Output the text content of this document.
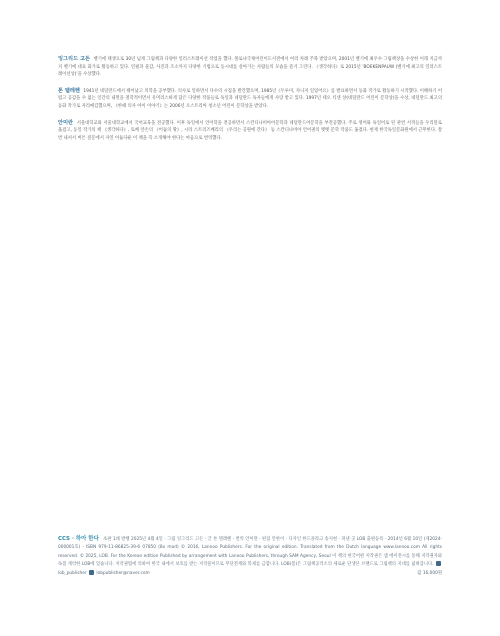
잉그리드 고돈 벨기에 태생으로 30년 넘게 그림책과 다양한 일러스트레이션 작업을 했다. 볼로냐국제어린이도서전에서 여러 차례 주목 받았으며, 2001년 벨기에 최우수 그림책상을 수상한 이래 지금까지 벨기에 대표 화가로 활동하고 있다. 연필과 물감, 사진과 조소까지 다양한 기법으로 동시대를 살아가는 사람들의 모습을 즐겨 그린다. 《생각하다》로 2015년 'BOEKENPAUW (벨기에 최고의 일러스트레이션상)'을 수상했다.

톤 텔레헨 1941년 네덜란드에서 태어났고 의학을 공부했다. 의사로 일하면서 다수의 시집을 발간했으며, 1985년《두루미, 자니저 일었어요》를 발표하면서 동화 작가로 활동하기 시작했다. 이해하기 어렵고 공감을 수 없는 인간의 내면을 철학적이면서 유머러스하게 담은 다양한 작품들로 독일과 네덜란드 독자들에게 사랑 받고 있다. 1997년 테오 티센 상(네덜란드 어린이 문학상)을 수상, 네덜란드 최고의 동화 작가로 자리매김했으며, 《한때 의사 아이 이야기》는 2006년 오스트리아 청소년 어린이 문학상을 받았다.

안미란 서울대학교와 서울대학교에서 국어교육을 전공했다. 이후 독일에서 언어학을 전공하면서 스칸디나비아어문학과 네덜란드어문학을 부전공했다. 주로 영어와 독일어로 된 관련 서적들을 우리말로 옮겼고, 동일 작가의 책 《생각하다》, 토베 얀손의 《어둠의 땅》, 시라 스트리즈베리의 《우리는 공원에 간다》 등 스칸디나비아 언어권의 옛옛 문학 작품도 옮겼다. 현재 한국독일문화원에서 근무한다. 잘 번 내셔서 버튼 질문에서 자연 어둡다운 이 책을 꼭 소개해야 한다는 마음으로 번역했다.

CCS · 하아 한다 초판 1쇄 발행 2025년 4월 4일 · 그림 잉그리드 고돈 · 글 톤 텔레헨 · 번역 안미란 · 편집 안한이 · 디자인 한드플라크 송지현 · 펴낸 곳 LOB 출판등록 · 2014년 6월 10일 (제2024-000001호) · ISBN 979-11-86825-39-6 07850 (8x mod) © 2016, Lannoo Publishers. For the original edition. Translated from the Dutch language www.lannoo.com All rights reserved. © 2025, LOB. For the Korean edition Published by arrangement with Lannoo Publishers, through SAM Agency, Seoul 이 책의 한국어판 저작권은 샘 에이전시를 통해 저작권자와 독점 계약한 LOB에 있습니다. 저작권법에 의하여 한국 내에서 보호를 받는 저작물이므로 무단전재와 복제를 금합니다. LOB(봄)은 그림책공작소의 새로운 단생본 브랜드로 그림책의 지대를 넓혀갑니다.  lob_publisher lobpublisher@naver.com	값 16,000원
